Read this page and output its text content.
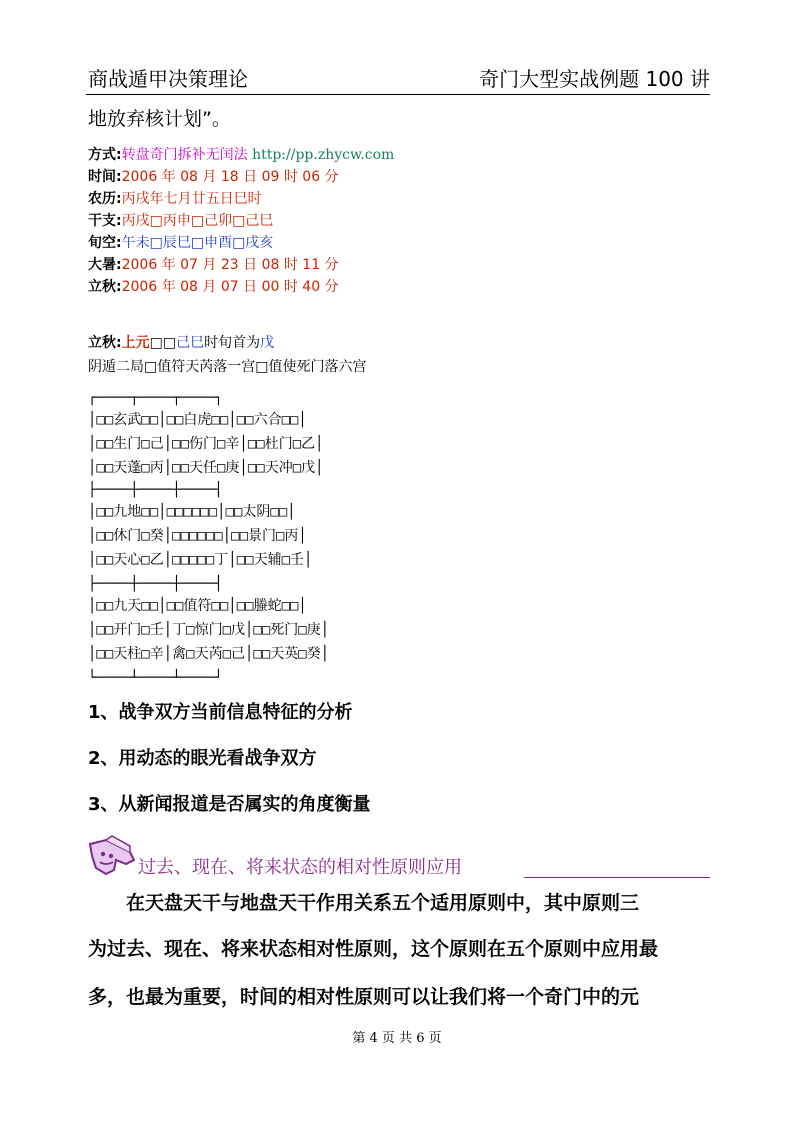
商战遁甲决策理论	奇门大型实战例题 100 讲
地放弃核计划”。
方式:转盘奇门拆补无闰法 http://pp.zhycw.com
时间:2006 年 08 月 18 日 09 时 06 分
农历:丙戌年七月廿五日巳时
干支:丙戌□丙申□己卯□己巳
旬空:午未□辰巳□申酉□戌亥
大暑:2006 年 07 月 23 日 08 时 11 分
立秋:2006 年 08 月 07 日 00 时 40 分
立秋:上元□□己巳时旬首为戊
阴遁二局□值符天芮落一宫□值使死门落六宫
┌────┬────┬────┐
│□□玄武□□│□□白虎□□│□□六合□□│
│□□生门□己│□□伤门□辛│□□杜门□乙│
│□□天蓬□丙│□□天任□庚│□□天冲□戊│
├────┼────┼────┤
│□□九地□□│□□□□□□│□□太阴□□│
│□□休门□癸│□□□□□□│□□景门□丙│
│□□天心□乙│□□□□□丁│□□天辅□壬│
├────┼────┼────┤
│□□九天□□│□□值符□□│□□螣蛇□□│
│□□开门□壬│丁□惊门□戊│□□死门□庚│
│□□天柱□辛│禽□天芮□己│□□天英□癸│
└────┴────┴────┘
1、战争双方当前信息特征的分析
2、用动态的眼光看战争双方
3、从新闻报道是否属实的角度衡量
过去、现在、将来状态的相对性原则应用
在天盘天干与地盘天干作用关系五个适用原则中，其中原则三
为过去、现在、将来状态相对性原则，这个原则在五个原则中应用最
多，也最为重要，时间的相对性原则可以让我们将一个奇门中的元
第 4 页 共 6 页
